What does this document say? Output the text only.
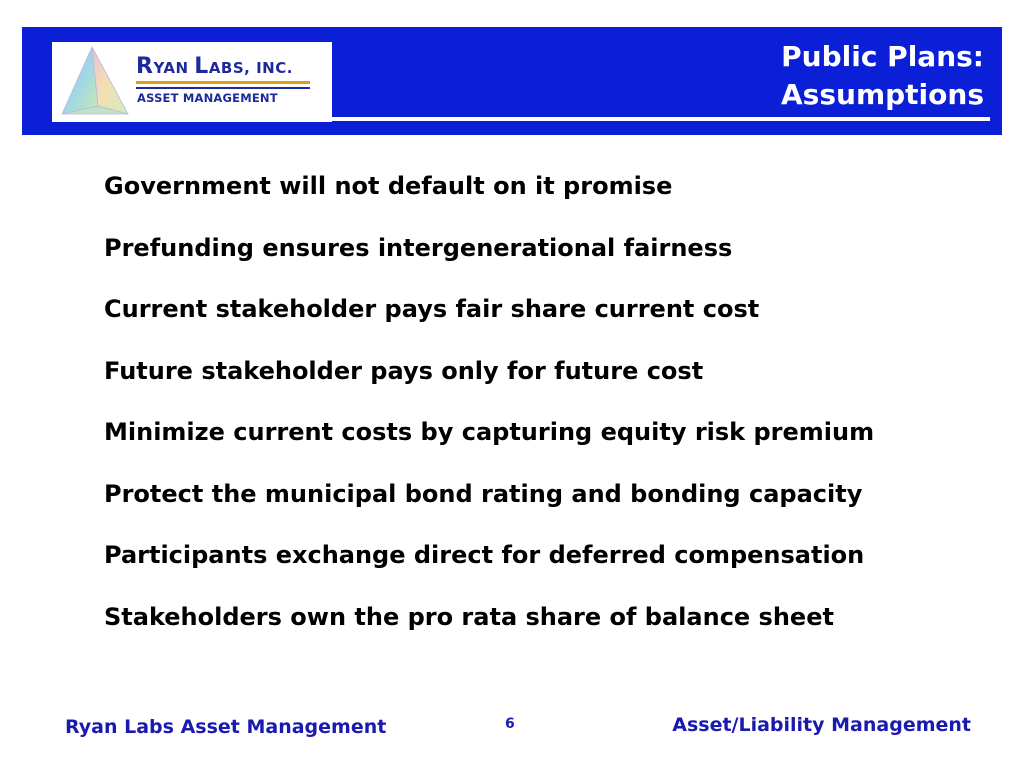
RYAN LABS, INC.
ASSET MANAGEMENT
Public Plans:
Assumptions
Government will not default on it promise
Prefunding ensures intergenerational fairness
Current stakeholder pays fair share current cost
Future stakeholder pays only for future cost
Minimize current costs by capturing equity risk premium
Protect the municipal bond rating and bonding capacity
Participants exchange direct for deferred compensation
Stakeholders own the pro rata share of balance sheet
Ryan Labs Asset Management	6	Asset/Liability Management
